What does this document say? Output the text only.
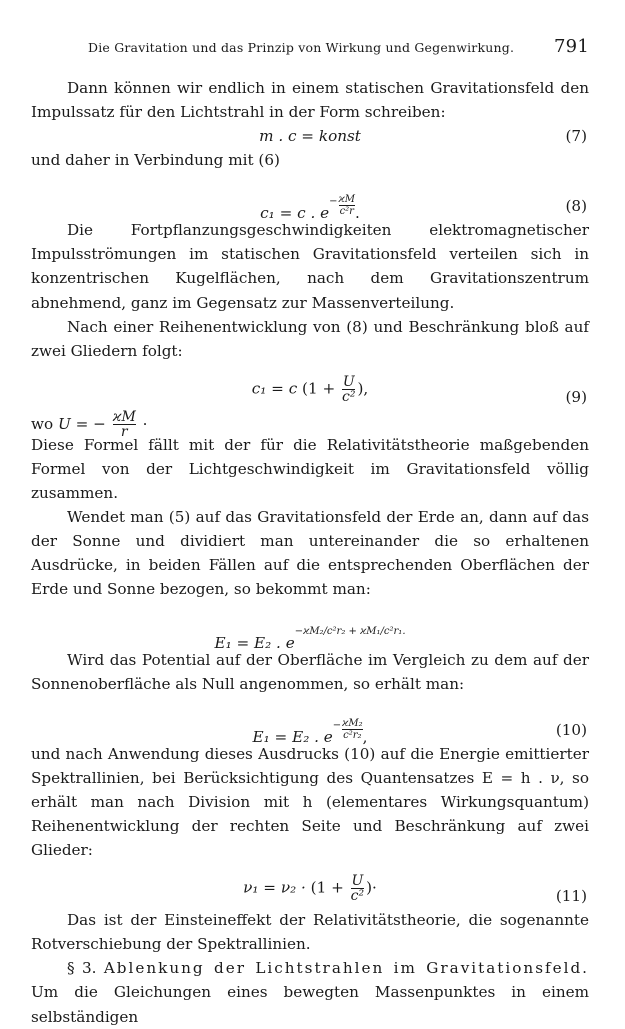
Die Gravitation und das Prinzip von Wirkung und Gegenwirkung. 791

Dann können wir endlich in einem statischen Gravitationsfeld den Impulssatz für den Lichtstrahl in der Form schreiben:

m . c = konst	(7)

und daher in Verbindung mit (6)

c₁ = c . $e^- \frac{ϰM}{\text{c²r}}$ .	(8)

Die Fortpflanzungsgeschwindigkeiten elektromagnetischer Impulsströmungen im statischen Gravitationsfeld verteilen sich in konzentrischen Kugelflächen, nach dem Gravitationszentrum abnehmend, ganz im Gegensatz zur Massenverteilung.

Nach einer Reihenentwicklung von (8) und Beschränkung bloß auf zwei Gliedern folgt:

c₁ = c ($1 + \frac{U}{\text{c²}}$ ),	(9)
wo U = − $\frac{ϰM}{r}$ ·

Diese Formel fällt mit der für die Relativitätstheorie maßgebenden Formel von der Lichtgeschwindigkeit im Gravitationsfeld völlig zusammen.

Wendet man (5) auf das Gravitationsfeld der Erde an, dann auf das der Sonne und dividiert man untereinander die so erhaltenen Ausdrücke, in beiden Fällen auf die entsprechenden Oberflächen der Erde und Sonne bezogen, so bekommt man:

E₁ = E₂ . $e^{-ϰM_2/c^2r_2 + ϰM_1/c^2r_1.}$

Wird das Potential auf der Oberfläche im Vergleich zu dem auf der Sonnenoberfläche als Null angenommen, so erhält man:

E₁ = E₂ . $e^- \frac{\text{ϰM₂}}{\text{c²r₂}}$ ,	(10)

und nach Anwendung dieses Ausdrucks (10) auf die Energie emittierter Spektrallinien, bei Berücksichtigung des Quantensatzes E = h . ν, so erhält man nach Division mit h (elementares Wirkungsquantum) Reihenentwicklung der rechten Seite und Beschränkung auf zwei Glieder:

$\nu_1 = \nu_2 \cdot (1 + \frac{U}{\text{c²}}$ )·	(11)

Das ist der Einsteineffekt der Relativitätstheorie, die sogenannte Rotverschiebung der Spektrallinien.

§ 3. Ablenkung der Lichtstrahlen im Gravitationsfeld. Um die Gleichungen eines bewegten Massenpunktes in einem selbständigen
